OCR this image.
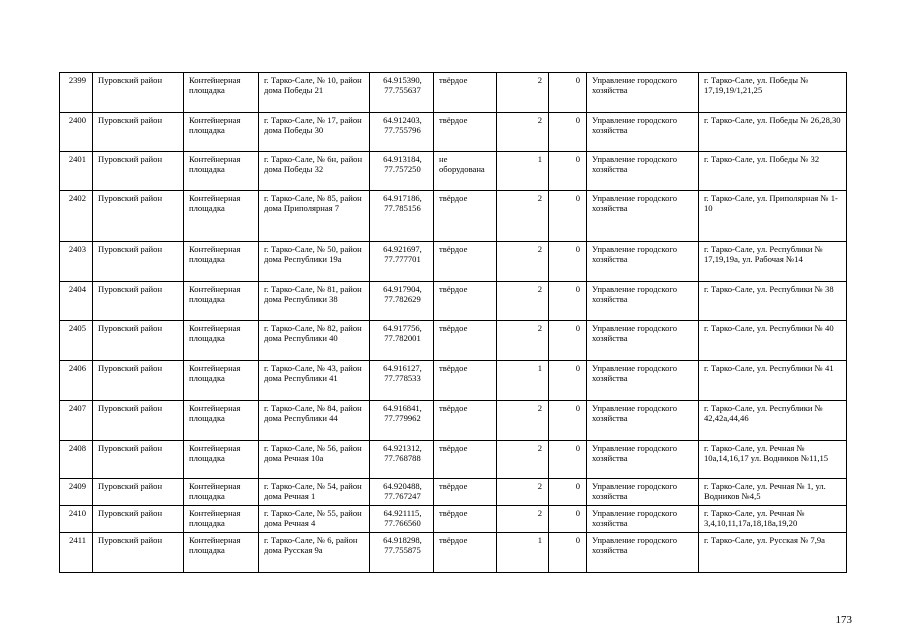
2399	Пуровский район	Контейнерная площадка	г. Тарко-Сале, № 10, район дома Победы 21	64.915390, 77.755637	твёрдое	2	0	Управление городского хозяйства	г. Тарко-Сале, ул. Победы № 17,19,19/1,21,25
2400	Пуровский район	Контейнерная площадка	г. Тарко-Сале, № 17, район дома Победы 30	64.912403, 77.755796	твёрдое	2	0	Управление городского хозяйства	г. Тарко-Сале, ул. Победы № 26,28,30
2401	Пуровский район	Контейнерная площадка	г. Тарко-Сале, № 6н, район дома Победы 32	64.913184, 77.757250	не оборудована	1	0	Управление городского хозяйства	г. Тарко-Сале, ул. Победы № 32
2402	Пуровский район	Контейнерная площадка	г. Тарко-Сале, № 85, район дома Приполярная 7	64.917186, 77.785156	твёрдое	2	0	Управление городского хозяйства	г. Тарко-Сале, ул. Приполярная № 1-10
2403	Пуровский район	Контейнерная площадка	г. Тарко-Сале, № 50, район дома Республики 19а	64.921697, 77.777701	твёрдое	2	0	Управление городского хозяйства	г. Тарко-Сале, ул. Республики № 17,19,19а, ул. Рабочая №14
2404	Пуровский район	Контейнерная площадка	г. Тарко-Сале, № 81, район дома Республики 38	64.917904, 77.782629	твёрдое	2	0	Управление городского хозяйства	г. Тарко-Сале, ул. Республики № 38
2405	Пуровский район	Контейнерная площадка	г. Тарко-Сале, № 82, район дома Республики 40	64.917756, 77.782001	твёрдое	2	0	Управление городского хозяйства	г. Тарко-Сале, ул. Республики № 40
2406	Пуровский район	Контейнерная площадка	г. Тарко-Сале, № 43, район дома Республики 41	64.916127, 77.778533	твёрдое	1	0	Управление городского хозяйства	г. Тарко-Сале, ул. Республики № 41
2407	Пуровский район	Контейнерная площадка	г. Тарко-Сале, № 84, район дома Республики 44	64.916841, 77.779962	твёрдое	2	0	Управление городского хозяйства	г. Тарко-Сале, ул. Республики № 42,42а,44,46
2408	Пуровский район	Контейнерная площадка	г. Тарко-Сале, № 56, район дома Речная 10а	64.921312, 77.768788	твёрдое	2	0	Управление городского хозяйства	г. Тарко-Сале, ул. Речная № 10а,14,16,17 ул. Водников №11,15
2409	Пуровский район	Контейнерная площадка	г. Тарко-Сале, № 54, район дома Речная 1	64.920488, 77.767247	твёрдое	2	0	Управление городского хозяйства	г. Тарко-Сале, ул. Речная № 1, ул. Водников №4,5
2410	Пуровский район	Контейнерная площадка	г. Тарко-Сале, № 55, район дома Речная 4	64.921115, 77.766560	твёрдое	2	0	Управление городского хозяйства	г. Тарко-Сале, ул. Речная № 3,4,10,11,17а,18,18а,19,20
2411	Пуровский район	Контейнерная площадка	г. Тарко-Сале, № 6, район дома Русская 9а	64.918298, 77.755875	твёрдое	1	0	Управление городского хозяйства	г. Тарко-Сале, ул. Русская № 7,9а
173
